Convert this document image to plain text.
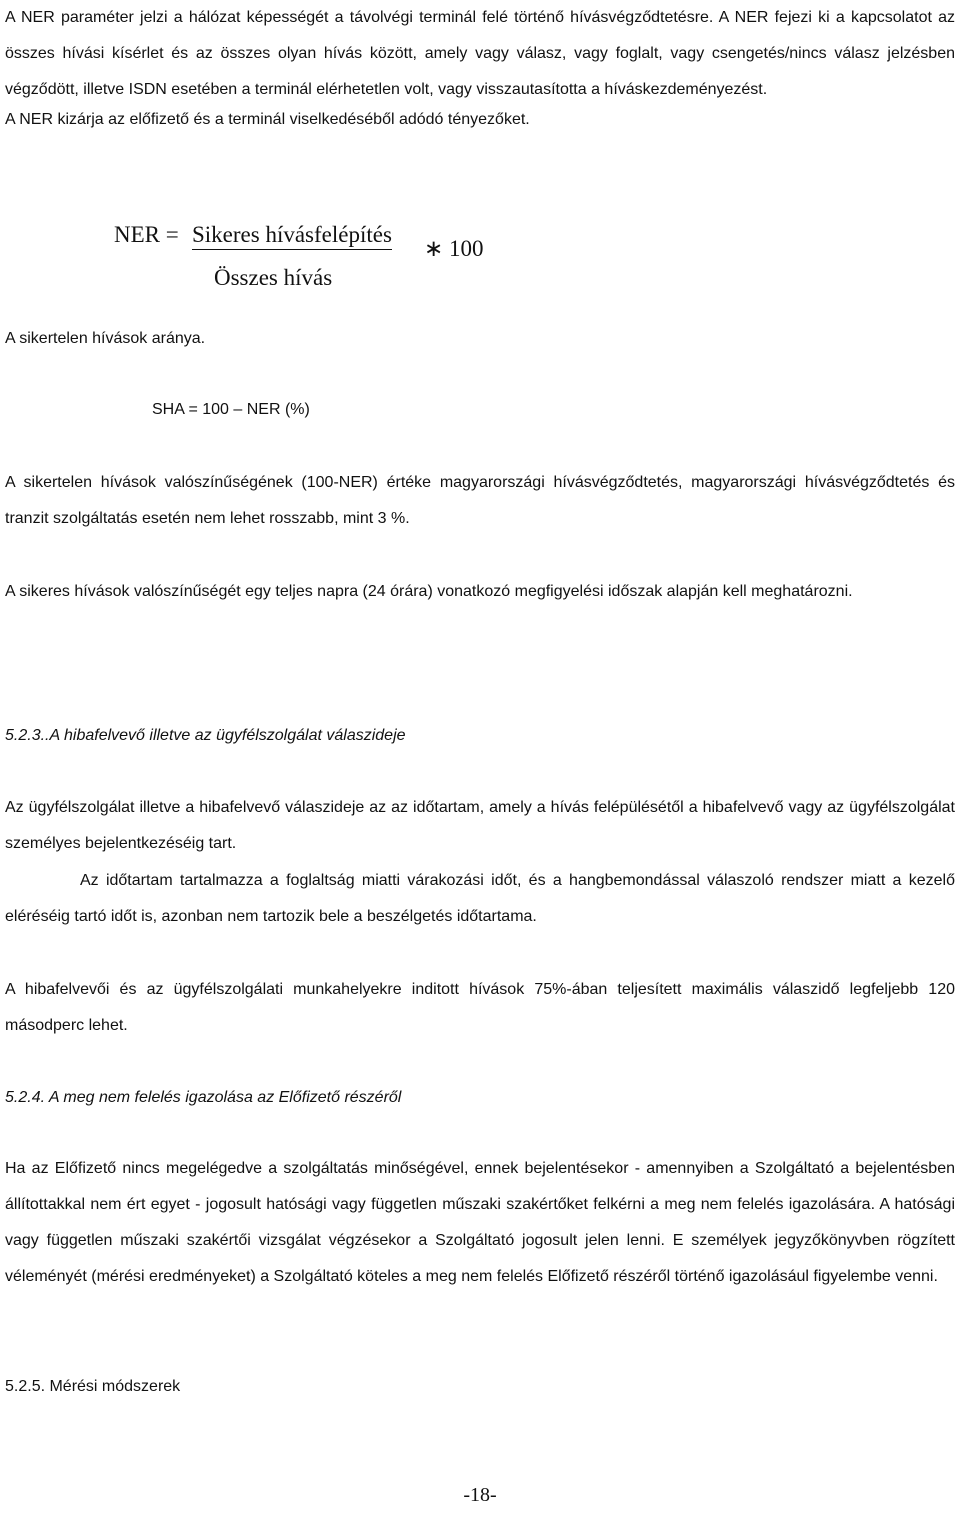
A NER paraméter jelzi a hálózat képességét a távolvégi terminál felé történő hívásvégződtetésre. A NER fejezi ki a kapcsolatot az összes hívási kísérlet és az összes olyan hívás között, amely vagy válasz, vagy foglalt, vagy csengetés/nincs válasz jelzésben végződött, illetve ISDN esetében a terminál elérhetetlen volt, vagy visszautasította a híváskezdeményezést.

A NER kizárja az előfizető és a terminál viselkedéséből adódó tényezőket.

NER = Sikeres hívásfelépítés
Összes hívás
∗ 100

A sikertelen hívások aránya.

SHA = 100 – NER (%)

A sikertelen hívások valószínűségének (100-NER) értéke magyarországi hívásvégződtetés, magyarországi hívásvégződtetés és tranzit szolgáltatás esetén nem lehet rosszabb, mint 3 %.

A sikeres hívások valószínűségét egy teljes napra (24 órára) vonatkozó megfigyelési időszak alapján kell meghatározni.

5.2.3..A hibafelvevő illetve az ügyfélszolgálat válaszideje

Az ügyfélszolgálat illetve a hibafelvevő válaszideje az az időtartam, amely a hívás felépülésétől a hibafelvevő vagy az ügyfélszolgálat személyes bejelentkezéséig tart.

Az időtartam tartalmazza a foglaltság miatti várakozási időt, és a hangbemondással válaszoló rendszer miatt a kezelő eléréséig tartó időt is, azonban nem tartozik bele a beszélgetés időtartama.

A hibafelvevői és az ügyfélszolgálati munkahelyekre inditott hívások 75%-ában teljesített maximális válaszidő legfeljebb 120 másodperc lehet.

5.2.4. A meg nem felelés igazolása az Előfizető részéről

Ha az Előfizető nincs megelégedve a szolgáltatás minőségével, ennek bejelentésekor - amennyiben a Szolgáltató a bejelentésben állítottakkal nem ért egyet - jogosult hatósági vagy független műszaki szakértőket felkérni a meg nem felelés igazolására. A hatósági vagy független műszaki szakértői vizsgálat végzésekor a Szolgáltató jogosult jelen lenni. E személyek jegyzőkönyvben rögzített véleményét (mérési eredményeket) a Szolgáltató köteles a meg nem felelés Előfizető részéről történő igazolásául figyelembe venni.

5.2.5. Mérési módszerek

-18-
